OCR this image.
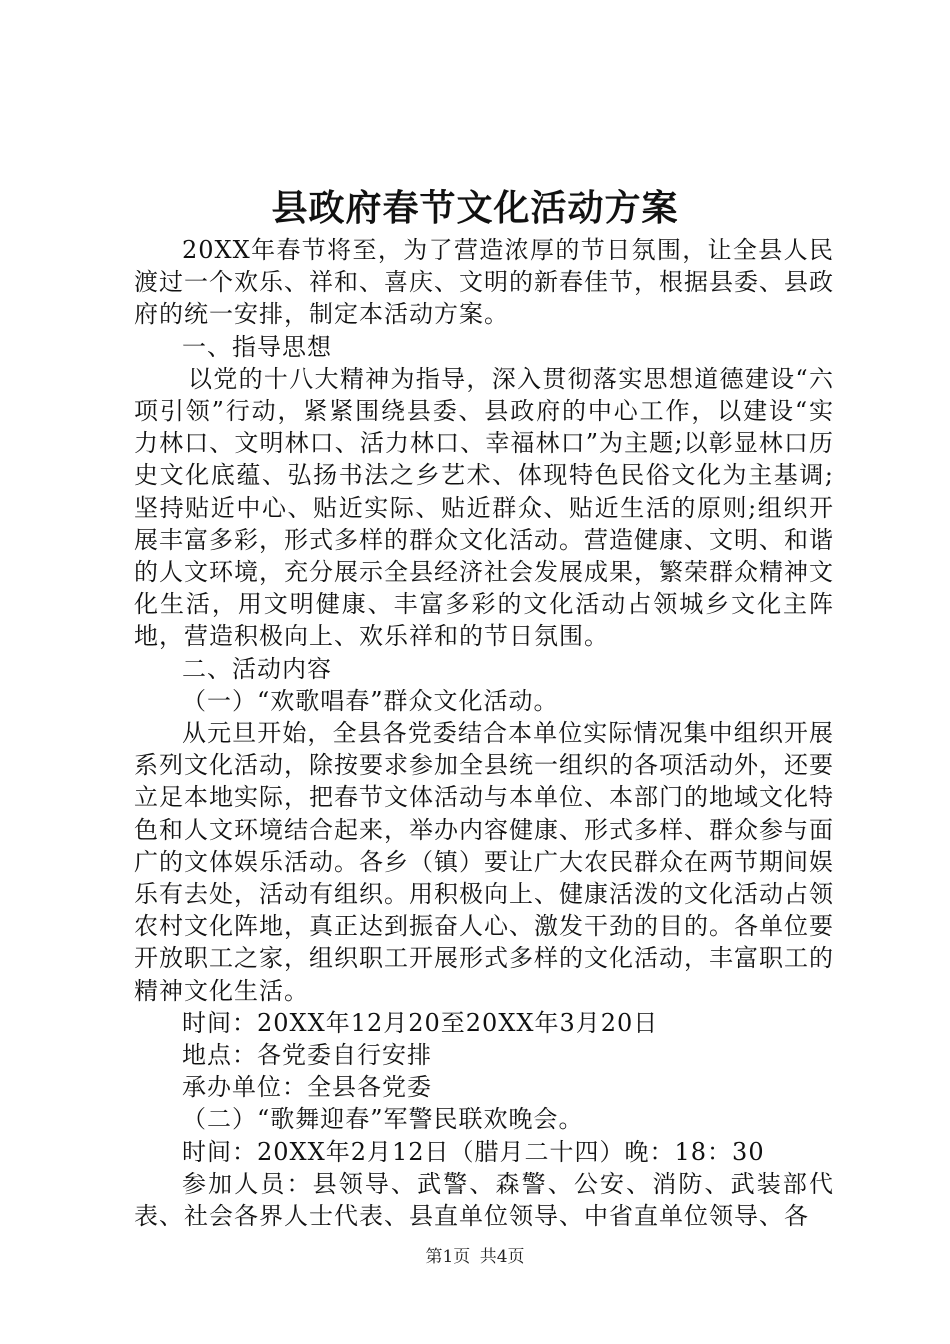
县政府春节文化活动方案

20XX年春节将至，为了营造浓厚的节日氛围，让全县人民渡过一个欢乐、祥和、喜庆、文明的新春佳节，根据县委、县政府的统一安排，制定本活动方案。

一、指导思想

以党的十八大精神为指导，深入贯彻落实思想道德建设“六项引领”行动，紧紧围绕县委、县政府的中心工作，以建设“实力林口、文明林口、活力林口、幸福林口”为主题;以彰显林口历史文化底蕴、弘扬书法之乡艺术、体现特色民俗文化为主基调;坚持贴近中心、贴近实际、贴近群众、贴近生活的原则;组织开展丰富多彩，形式多样的群众文化活动。营造健康、文明、和谐的人文环境，充分展示全县经济社会发展成果，繁荣群众精神文化生活，用文明健康、丰富多彩的文化活动占领城乡文化主阵地，营造积极向上、欢乐祥和的节日氛围。

二、活动内容

（一）“欢歌唱春”群众文化活动。

从元旦开始，全县各党委结合本单位实际情况集中组织开展系列文化活动，除按要求参加全县统一组织的各项活动外，还要立足本地实际，把春节文体活动与本单位、本部门的地域文化特色和人文环境结合起来，举办内容健康、形式多样、群众参与面广的文体娱乐活动。各乡（镇）要让广大农民群众在两节期间娱乐有去处，活动有组织。用积极向上、健康活泼的文化活动占领农村文化阵地，真正达到振奋人心、激发干劲的目的。各单位要开放职工之家，组织职工开展形式多样的文化活动，丰富职工的精神文化生活。

时间：20XX年12月20至20XX年3月20日

地点：各党委自行安排

承办单位：全县各党委

（二）“歌舞迎春”军警民联欢晚会。

时间：20XX年2月12日（腊月二十四）晚：18：30

参加人员：县领导、武警、森警、公安、消防、武装部代表、社会各界人士代表、县直单位领导、中省直单位领导、各

第1页 共4页
